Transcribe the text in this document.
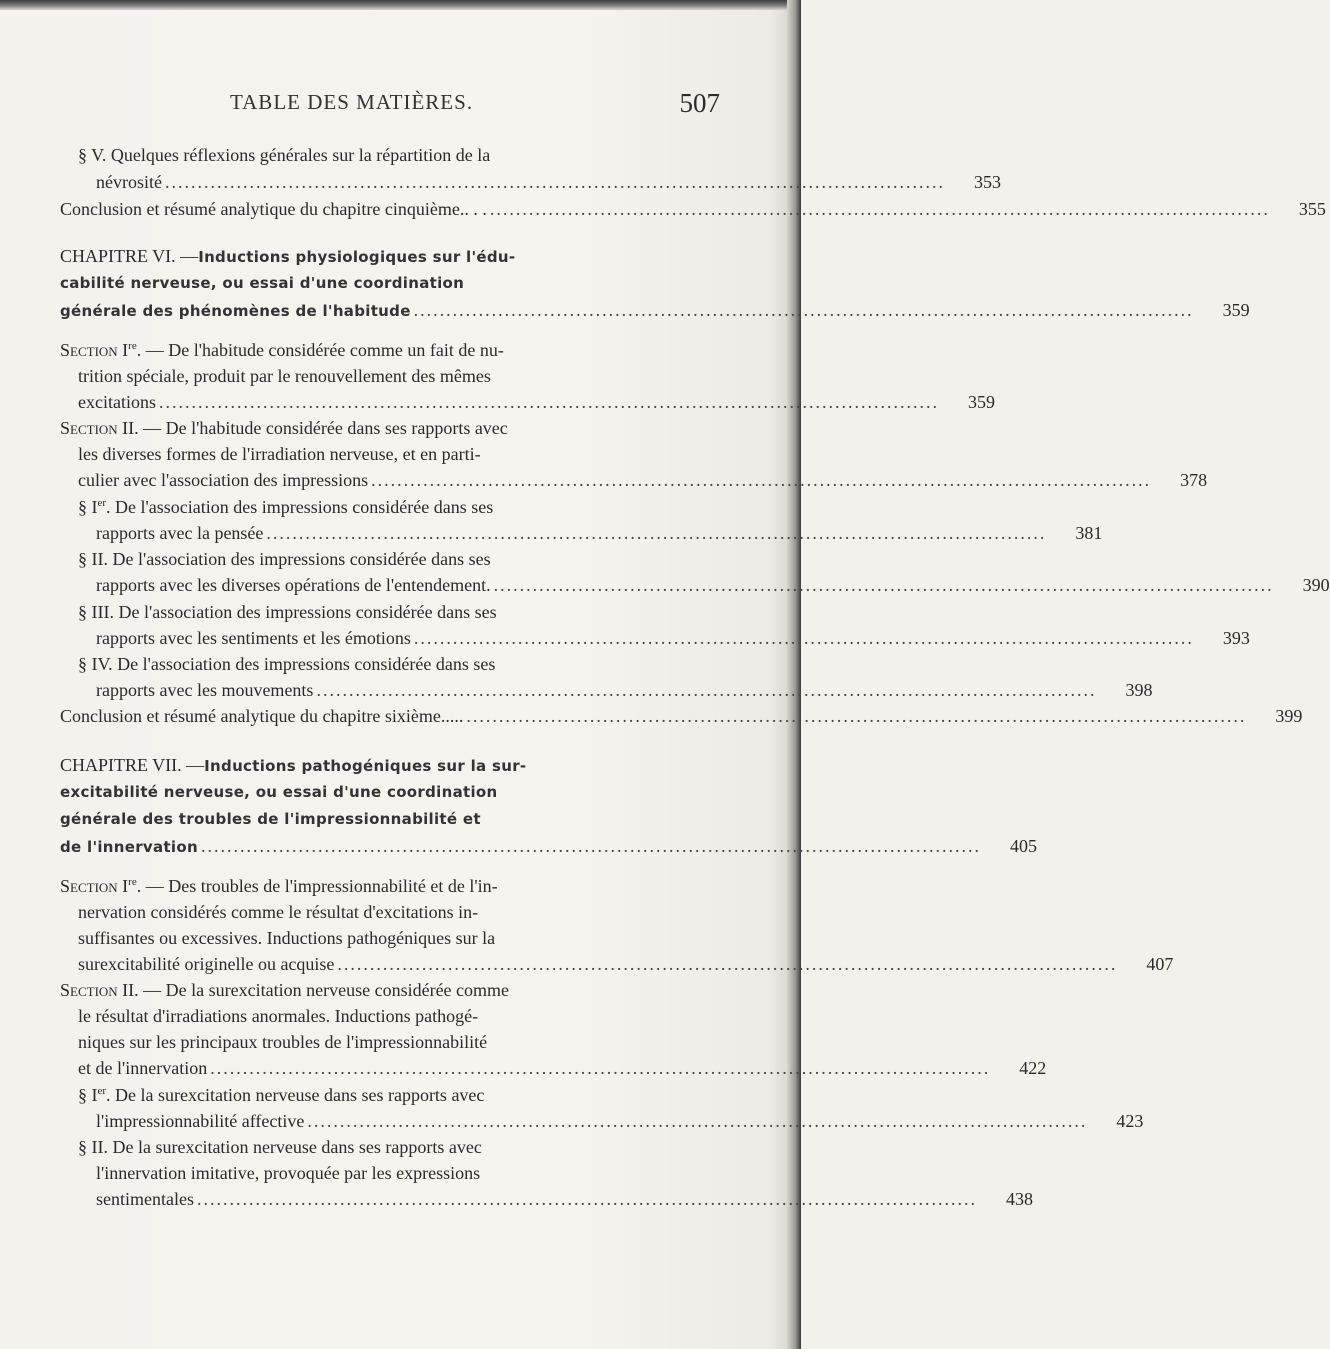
TABLE DES MATIÈRES.	507
§ V. Quelques réflexions générales sur la répartition de la
névrosité ........................................................................................................................	353
Conclusion et résumé analytique du chapitre cinquième.. . . ........................................................................................................................	355
CHAPITRE VI. — Inductions physiologiques sur l'édu-
cabilité nerveuse, ou essai d'une coordination
générale des phénomènes de l'habitude ........................................................................................................................	359
Section Ire. — De l'habitude considérée comme un fait de nu-
trition spéciale, produit par le renouvellement des mêmes
excitations ........................................................................................................................	359
Section II. — De l'habitude considérée dans ses rapports avec
les diverses formes de l'irradiation nerveuse, et en parti-
culier avec l'association des impressions ........................................................................................................................	378
§ Ier. De l'association des impressions considérée dans ses
rapports avec la pensée ........................................................................................................................	381
§ II. De l'association des impressions considérée dans ses
rapports avec les diverses opérations de l'entendement. ........................................................................................................................	390
§ III. De l'association des impressions considérée dans ses
rapports avec les sentiments et les émotions ........................................................................................................................	393
§ IV. De l'association des impressions considérée dans ses
rapports avec les mouvements ........................................................................................................................	398
Conclusion et résumé analytique du chapitre sixième..... ........................................................................................................................	399
CHAPITRE VII. — Inductions pathogéniques sur la sur-
excitabilité nerveuse, ou essai d'une coordination
générale des troubles de l'impressionnabilité et
de l'innervation ........................................................................................................................	405
Section Ire. — Des troubles de l'impressionnabilité et de l'in-
nervation considérés comme le résultat d'excitations in-
suffisantes ou excessives. Inductions pathogéniques sur la
surexcitabilité originelle ou acquise ........................................................................................................................	407
Section II. — De la surexcitation nerveuse considérée comme
le résultat d'irradiations anormales. Inductions pathogé-
niques sur les principaux troubles de l'impressionnabilité
et de l'innervation ........................................................................................................................	422
§ Ier. De la surexcitation nerveuse dans ses rapports avec
l'impressionnabilité affective ........................................................................................................................	423
§ II. De la surexcitation nerveuse dans ses rapports avec
l'innervation imitative, provoquée par les expressions
sentimentales ........................................................................................................................	438
